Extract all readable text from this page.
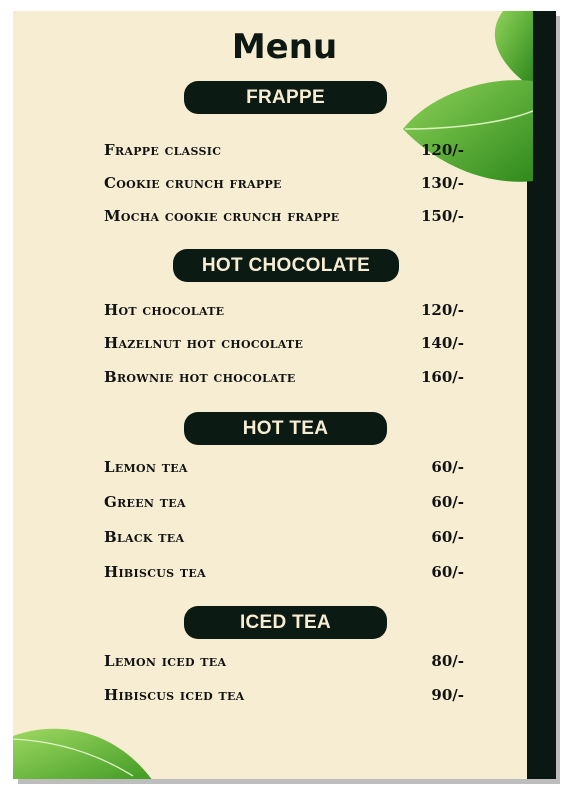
Menu
FRAPPE
Frappe classic	120/-
Cookie crunch frappe	130/-
Mocha cookie crunch frappe	150/-
HOT CHOCOLATE
Hot chocolate	120/-
Hazelnut hot chocolate	140/-
Brownie hot chocolate	160/-
HOT TEA
Lemon tea	60/-
Green tea	60/-
Black tea	60/-
Hibiscus tea	60/-
ICED TEA
Lemon iced tea	80/-
Hibiscus iced tea	90/-
